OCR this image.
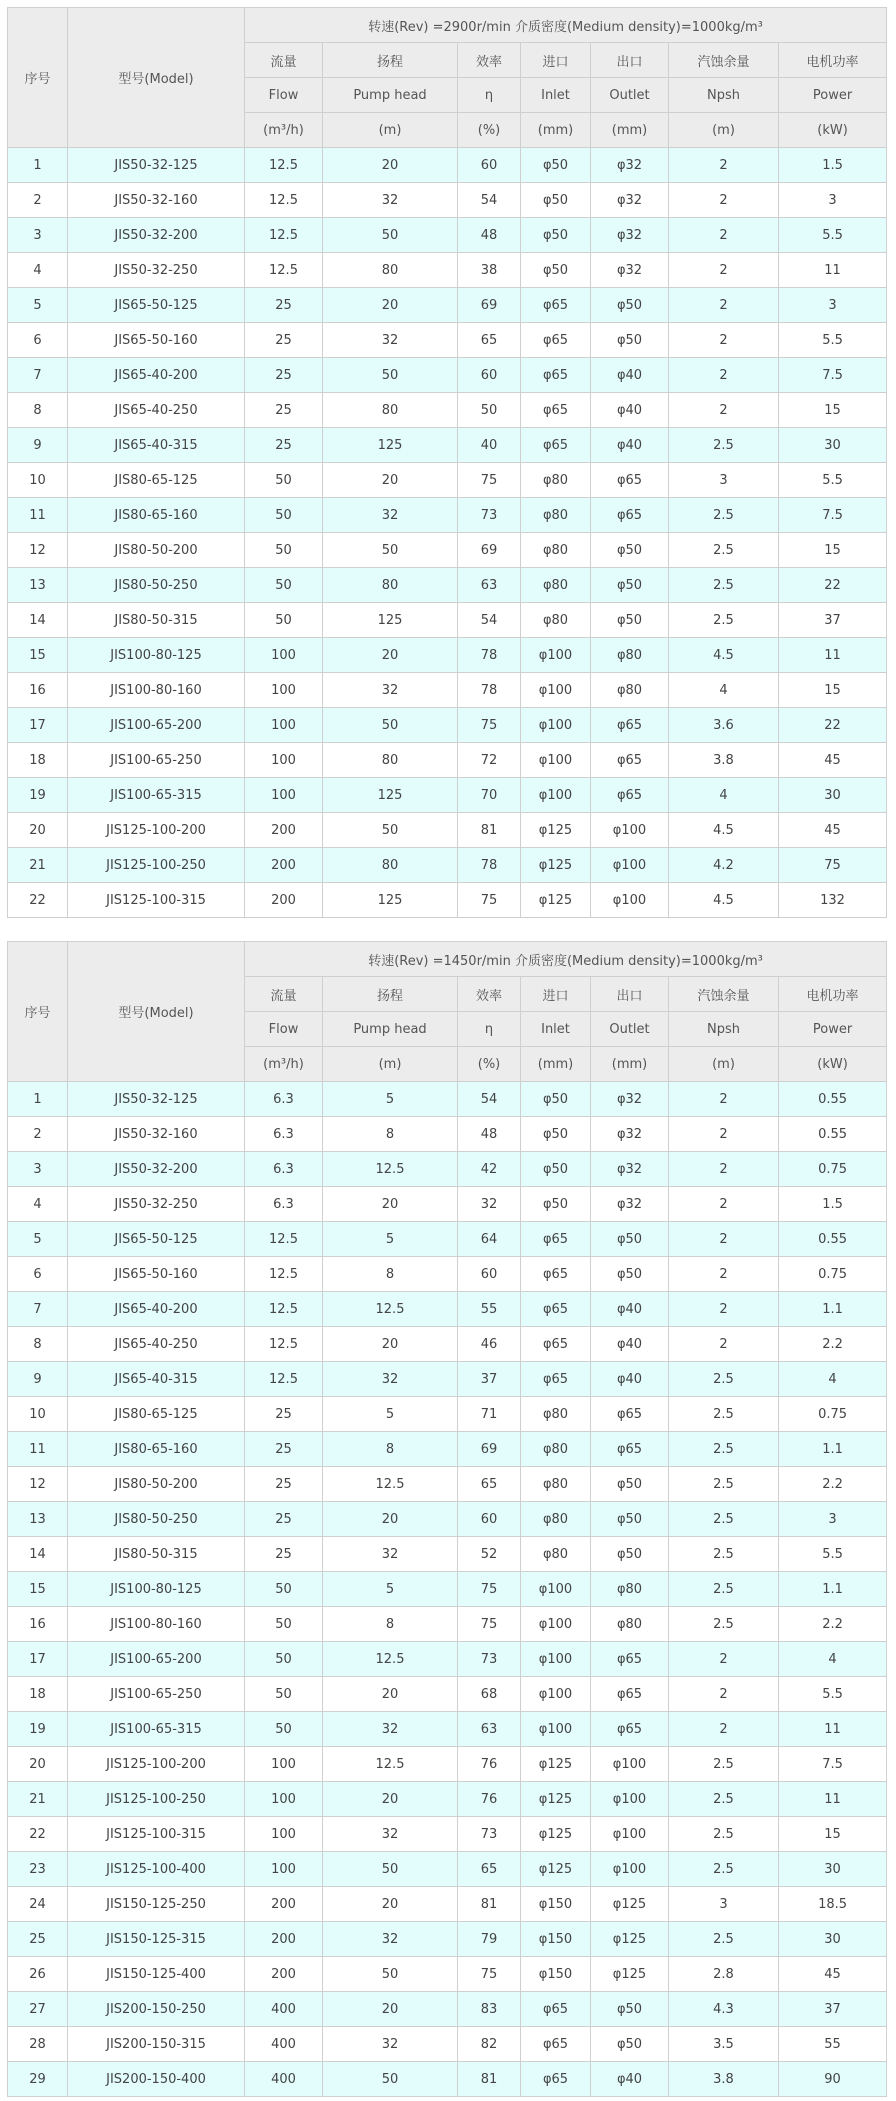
序号	型号(Model)	转速(Rev) =2900r/min 介质密度(Medium density)=1000kg/m³						
		流量	扬程	效率	进口	出口	汽蚀余量	电机功率
		Flow	Pump head	η	Inlet	Outlet	Npsh	Power
		(m³/h)	(m)	(%)	(mm)	(mm)	(m)	(kW)
1	JIS50-32-125	12.5	20	60	φ50	φ32	2	1.5
2	JIS50-32-160	12.5	32	54	φ50	φ32	2	3
3	JIS50-32-200	12.5	50	48	φ50	φ32	2	5.5
4	JIS50-32-250	12.5	80	38	φ50	φ32	2	11
5	JIS65-50-125	25	20	69	φ65	φ50	2	3
6	JIS65-50-160	25	32	65	φ65	φ50	2	5.5
7	JIS65-40-200	25	50	60	φ65	φ40	2	7.5
8	JIS65-40-250	25	80	50	φ65	φ40	2	15
9	JIS65-40-315	25	125	40	φ65	φ40	2.5	30
10	JIS80-65-125	50	20	75	φ80	φ65	3	5.5
11	JIS80-65-160	50	32	73	φ80	φ65	2.5	7.5
12	JIS80-50-200	50	50	69	φ80	φ50	2.5	15
13	JIS80-50-250	50	80	63	φ80	φ50	2.5	22
14	JIS80-50-315	50	125	54	φ80	φ50	2.5	37
15	JIS100-80-125	100	20	78	φ100	φ80	4.5	11
16	JIS100-80-160	100	32	78	φ100	φ80	4	15
17	JIS100-65-200	100	50	75	φ100	φ65	3.6	22
18	JIS100-65-250	100	80	72	φ100	φ65	3.8	45
19	JIS100-65-315	100	125	70	φ100	φ65	4	30
20	JIS125-100-200	200	50	81	φ125	φ100	4.5	45
21	JIS125-100-250	200	80	78	φ125	φ100	4.2	75
22	JIS125-100-315	200	125	75	φ125	φ100	4.5	132
序号	型号(Model)	转速(Rev) =1450r/min 介质密度(Medium density)=1000kg/m³						
		流量	扬程	效率	进口	出口	汽蚀余量	电机功率
		Flow	Pump head	η	Inlet	Outlet	Npsh	Power
		(m³/h)	(m)	(%)	(mm)	(mm)	(m)	(kW)
1	JIS50-32-125	6.3	5	54	φ50	φ32	2	0.55
2	JIS50-32-160	6.3	8	48	φ50	φ32	2	0.55
3	JIS50-32-200	6.3	12.5	42	φ50	φ32	2	0.75
4	JIS50-32-250	6.3	20	32	φ50	φ32	2	1.5
5	JIS65-50-125	12.5	5	64	φ65	φ50	2	0.55
6	JIS65-50-160	12.5	8	60	φ65	φ50	2	0.75
7	JIS65-40-200	12.5	12.5	55	φ65	φ40	2	1.1
8	JIS65-40-250	12.5	20	46	φ65	φ40	2	2.2
9	JIS65-40-315	12.5	32	37	φ65	φ40	2.5	4
10	JIS80-65-125	25	5	71	φ80	φ65	2.5	0.75
11	JIS80-65-160	25	8	69	φ80	φ65	2.5	1.1
12	JIS80-50-200	25	12.5	65	φ80	φ50	2.5	2.2
13	JIS80-50-250	25	20	60	φ80	φ50	2.5	3
14	JIS80-50-315	25	32	52	φ80	φ50	2.5	5.5
15	JIS100-80-125	50	5	75	φ100	φ80	2.5	1.1
16	JIS100-80-160	50	8	75	φ100	φ80	2.5	2.2
17	JIS100-65-200	50	12.5	73	φ100	φ65	2	4
18	JIS100-65-250	50	20	68	φ100	φ65	2	5.5
19	JIS100-65-315	50	32	63	φ100	φ65	2	11
20	JIS125-100-200	100	12.5	76	φ125	φ100	2.5	7.5
21	JIS125-100-250	100	20	76	φ125	φ100	2.5	11
22	JIS125-100-315	100	32	73	φ125	φ100	2.5	15
23	JIS125-100-400	100	50	65	φ125	φ100	2.5	30
24	JIS150-125-250	200	20	81	φ150	φ125	3	18.5
25	JIS150-125-315	200	32	79	φ150	φ125	2.5	30
26	JIS150-125-400	200	50	75	φ150	φ125	2.8	45
27	JIS200-150-250	400	20	83	φ65	φ50	4.3	37
28	JIS200-150-315	400	32	82	φ65	φ50	3.5	55
29	JIS200-150-400	400	50	81	φ65	φ40	3.8	90
